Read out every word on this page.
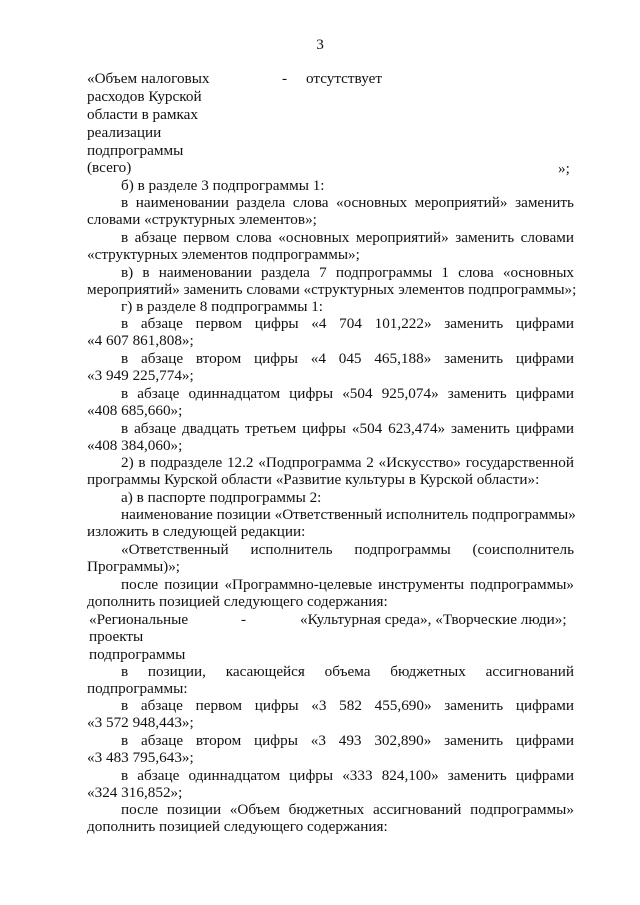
3
«Объем налоговых
расходов Курской
области в рамках
реализации
подпрограммы
(всего)
- отсутствует
»;
б) в разделе 3 подпрограммы 1:
в наименовании раздела слова «основных мероприятий» заменить
словами «структурных элементов»;
в абзаце первом слова «основных мероприятий» заменить словами
«структурных элементов подпрограммы»;
в) в наименовании раздела 7 подпрограммы 1 слова «основных
мероприятий» заменить словами «структурных элементов подпрограммы»;
г) в разделе 8 подпрограммы 1:
в абзаце первом цифры «4 704 101,222» заменить цифрами
«4 607 861,808»;
в абзаце втором цифры «4 045 465,188» заменить цифрами
«3 949 225,774»;
в абзаце одиннадцатом цифры «504 925,074» заменить цифрами
«408 685,660»;
в абзаце двадцать третьем цифры «504 623,474» заменить цифрами
«408 384,060»;
2) в подразделе 12.2 «Подпрограмма 2 «Искусство» государственной
программы Курской области «Развитие культуры в Курской области»:
а) в паспорте подпрограммы 2:
наименование позиции «Ответственный исполнитель подпрограммы»
изложить в следующей редакции:
«Ответственный исполнитель подпрограммы (соисполнитель
Программы)»;
после позиции «Программно-целевые инструменты подпрограммы»
дополнить позицией следующего содержания:
«Региональные
проекты
подпрограммы
-	«Культурная среда», «Творческие люди»;
в позиции, касающейся объема бюджетных ассигнований
подпрограммы:
в абзаце первом цифры «3 582 455,690» заменить цифрами
«3 572 948,443»;
в абзаце втором цифры «3 493 302,890» заменить цифрами
«3 483 795,643»;
в абзаце одиннадцатом цифры «333 824,100» заменить цифрами
«324 316,852»;
после позиции «Объем бюджетных ассигнований подпрограммы»
дополнить позицией следующего содержания:
